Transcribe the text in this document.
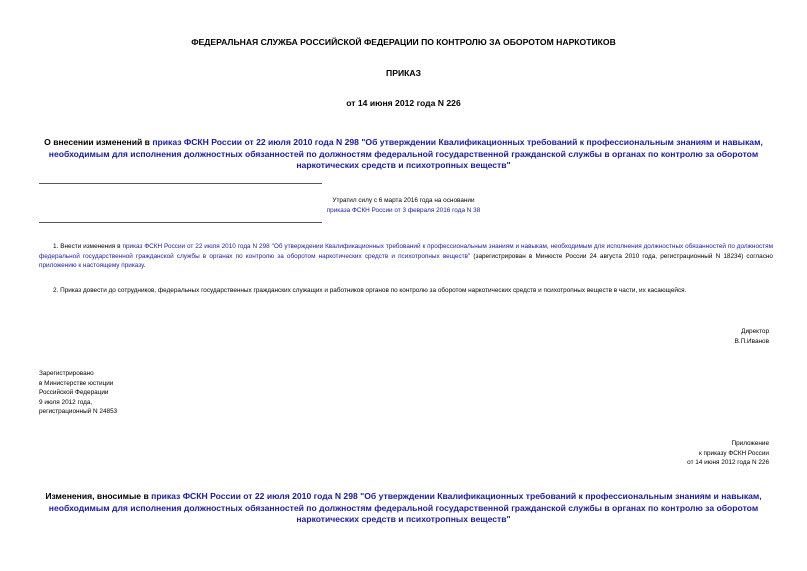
ФЕДЕРАЛЬНАЯ СЛУЖБА РОССИЙСКОЙ ФЕДЕРАЦИИ ПО КОНТРОЛЮ ЗА ОБОРОТОМ НАРКОТИКОВ
ПРИКАЗ
от 14 июня 2012 года N 226
О внесении изменений в приказ ФСКН России от 22 июля 2010 года N 298 "Об утверждении Квалификационных требований к профессиональным знаниям и навыкам, необходимым для исполнения должностных обязанностей по должностям федеральной государственной гражданской службы в органах по контролю за оборотом наркотических средств и психотропных веществ"
Утратил силу с 6 марта 2016 года на основании
приказа ФСКН России от 3 февраля 2016 года N 38
1. Внести изменения в приказ ФСКН России от 22 июля 2010 года N 298 "Об утверждении Квалификационных требований к профессиональным знаниям и навыкам, необходимым для исполнения должностных обязанностей по должностям федеральной государственной гражданской службы в органах по контролю за оборотом наркотических средств и психотропных веществ" (зарегистрирован в Минюсте России 24 августа 2010 года, регистрационный N 18234) согласно приложению к настоящему приказу.
2. Приказ довести до сотрудников, федеральных государственных гражданских служащих и работников органов по контролю за оборотом наркотических средств и психотропных веществ в части, их касающейся.
Директор
В.П.Иванов
Зарегистрировано
в Министерстве юстиции
Российской Федерации
9 июля 2012 года,
регистрационный N 24853
Приложение
к приказу ФСКН России
от 14 июня 2012 года N 226
Изменения, вносимые в приказ ФСКН России от 22 июля 2010 года N 298 "Об утверждении Квалификационных требований к профессиональным знаниям и навыкам, необходимым для исполнения должностных обязанностей по должностям федеральной государственной гражданской службы в органах по контролю за оборотом наркотических средств и психотропных веществ"
